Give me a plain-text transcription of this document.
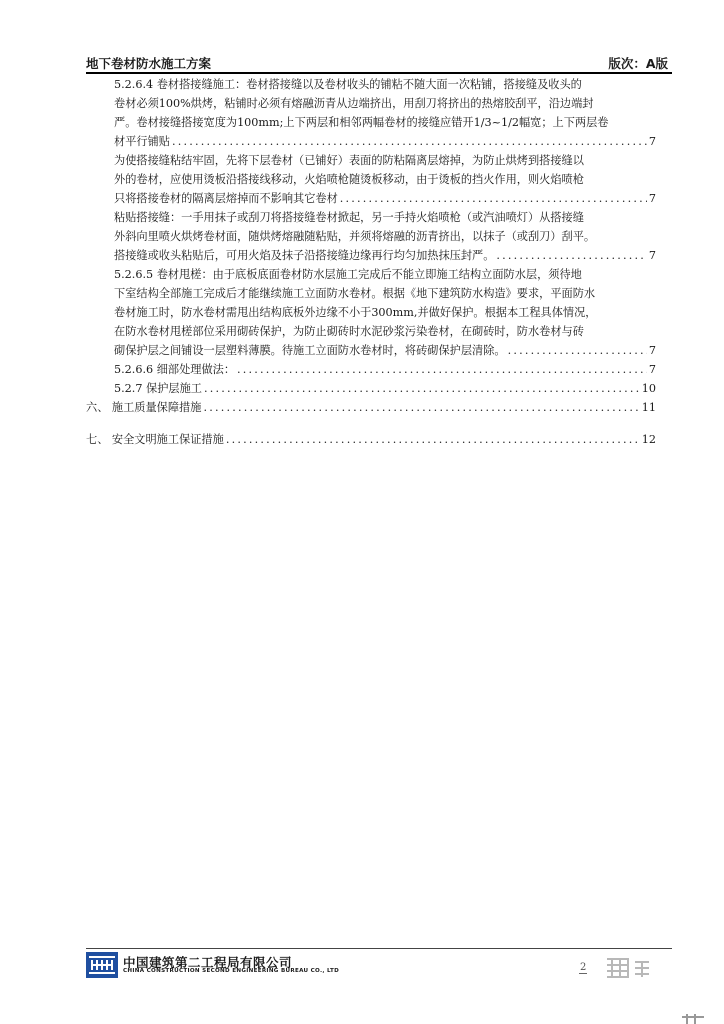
地下卷材防水施工方案	版次：A版
5.2.6.4 卷材搭接缝施工：卷材搭接缝以及卷材收头的铺粘不随大面一次粘铺，搭接缝及收头的
卷材必须100%烘烤，粘铺时必须有熔融沥青从边端挤出，用刮刀将挤出的热熔胶刮平，沿边端封
严。卷材接缝搭接宽度为100mm;上下两层和相邻两幅卷材的接缝应错开1/3~1/2幅宽；上下两层卷
材平行铺贴 .....	7
为使搭接缝粘结牢固，先将下层卷材（已铺好）表面的防粘隔离层熔掉，为防止烘烤到搭接缝以
外的卷材，应使用烫板沿搭接线移动，火焰喷枪随烫板移动，由于烫板的挡火作用，则火焰喷枪
只将搭接卷材的隔离层熔掉而不影响其它卷材 .....	7
粘贴搭接缝：一手用抹子或刮刀将搭接缝卷材掀起，另一手持火焰喷枪（或汽油喷灯）从搭接缝
外斜向里喷火烘烤卷材面，随烘烤熔融随粘贴，并须将熔融的沥青挤出，以抹子（或刮刀）刮平。
搭接缝或收头粘贴后，可用火焰及抹子沿搭接缝边缘再行均匀加热抹压封严。 .....	7
5.2.6.5 卷材甩槎：由于底板底面卷材防水层施工完成后不能立即施工结构立面防水层，须待地
下室结构全部施工完成后才能继续施工立面防水卷材。根据《地下建筑防水构造》要求，平面防水
卷材施工时，防水卷材需甩出结构底板外边缘不小于300mm,并做好保护。根据本工程具体情况，
在防水卷材甩槎部位采用砌砖保护，为防止砌砖时水泥砂浆污染卷材，在砌砖时，防水卷材与砖
砌保护层之间铺设一层塑料薄膜。待施工立面防水卷材时，将砖砌保护层清除。 .....	7
5.2.6.6 细部处理做法： .....	7
5.2.7 保护层施工 .....	10
六、 施工质量保障措施 .....	11
七、 安全文明施工保证措施 .....	12
中国建筑第二工程局有限公司
CHINA CONSTRUCTION SECOND ENGINEERING BUREAU CO., LTD	2
